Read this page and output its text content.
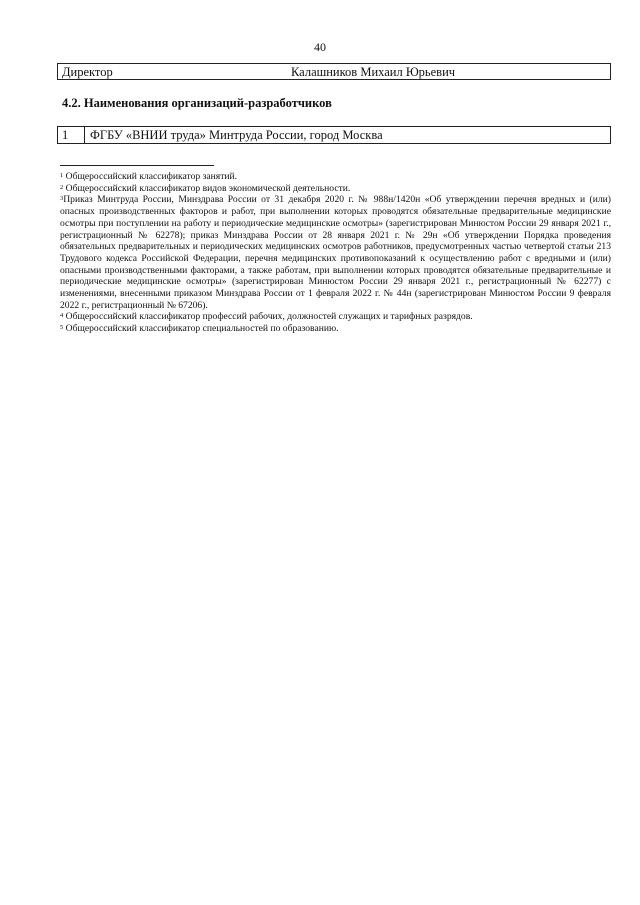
40
Директор	Калашников Михаил Юрьевич
4.2. Наименования организаций-разработчиков
1 ФГБУ «ВНИИ труда» Минтруда России, город Москва

$^1$ Общероссийский классификатор занятий.

$^2$ Общероссийский классификатор видов экономической деятельности.

$^3$Приказ Минтруда России, Минздрава России от 31 декабря 2020 г. № 988н/1420н «Об утверждении перечня вредных и (или) опасных производственных факторов и работ, при выполнении которых проводятся обязательные предварительные медицинские осмотры при поступлении на работу и периодические медицинские осмотры» (зарегистрирован Минюстом России 29 января 2021 г., регистрационный № 62278); приказ Минздрава России от 28 января 2021 г. № 29н «Об утверждении Порядка проведения обязательных предварительных и периодических медицинских осмотров работников, предусмотренных частью четвертой статьи 213 Трудового кодекса Российской Федерации, перечня медицинских противопоказаний к осуществлению работ с вредными и (или) опасными производственными факторами, а также работам, при выполнении которых проводятся обязательные предварительные и периодические медицинские осмотры» (зарегистрирован Минюстом России 29 января 2021 г., регистрационный № 62277) с изменениями, внесенными приказом Минздрава России от 1 февраля 2022 г. № 44н (зарегистрирован Минюстом России 9 февраля 2022 г., регистрационный № 67206).

$^4$ Общероссийский классификатор профессий рабочих, должностей служащих и тарифных разрядов.

$^5$ Общероссийский классификатор специальностей по образованию.
